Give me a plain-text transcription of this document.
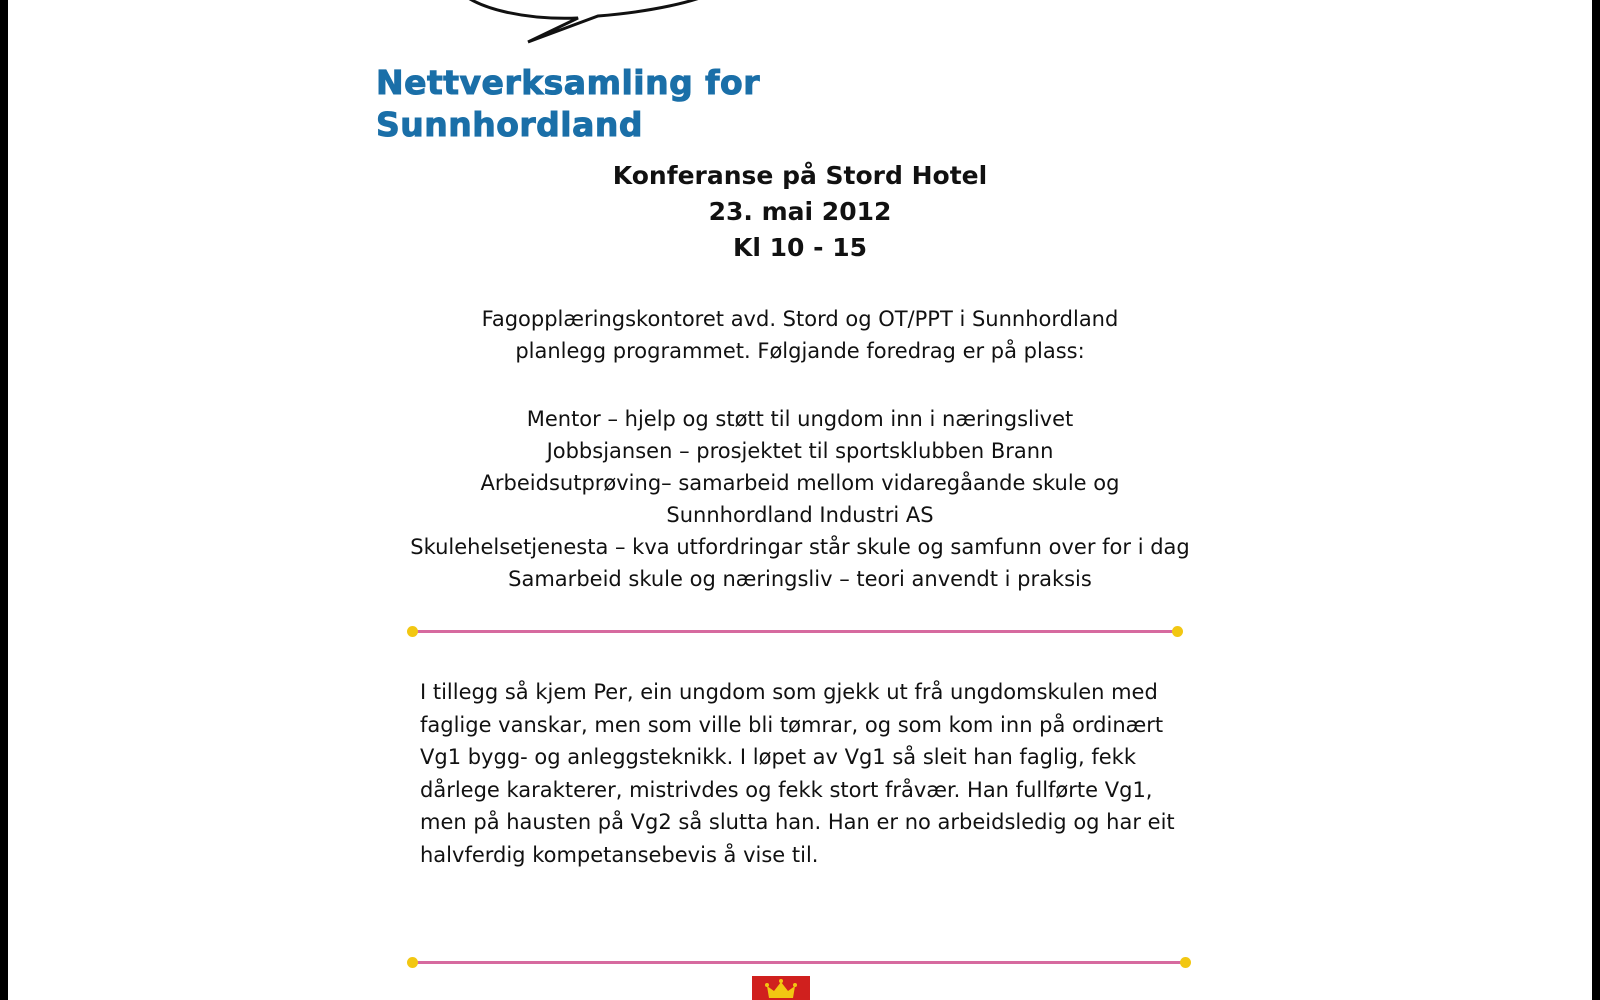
Nettverksamling for
Sunnhordland
Konferanse på Stord Hotel
23. mai 2012
Kl 10 - 15
Fagopplæringskontoret avd. Stord og OT/PPT i Sunnhordland
planlegg programmet. Følgjande foredrag er på plass:
Mentor – hjelp og støtt til ungdom inn i næringslivet
Jobbsjansen – prosjektet til sportsklubben Brann
Arbeidsutprøving– samarbeid mellom vidaregåande skule og
Sunnhordland Industri AS
Skulehelsetjenesta – kva utfordringar står skule og samfunn over for i dag
Samarbeid skule og næringsliv – teori anvendt i praksis
I tillegg så kjem Per, ein ungdom som gjekk ut frå ungdomskulen med
faglige vanskar, men som ville bli tømrar, og som kom inn på ordinært
Vg1 bygg- og anleggsteknikk. I løpet av Vg1 så sleit han faglig, fekk
dårlege karakterer, mistrivdes og fekk stort fråvær. Han fullførte Vg1,
men på hausten på Vg2 så slutta han. Han er no arbeidsledig og har eit
halvferdig kompetansebevis å vise til.
